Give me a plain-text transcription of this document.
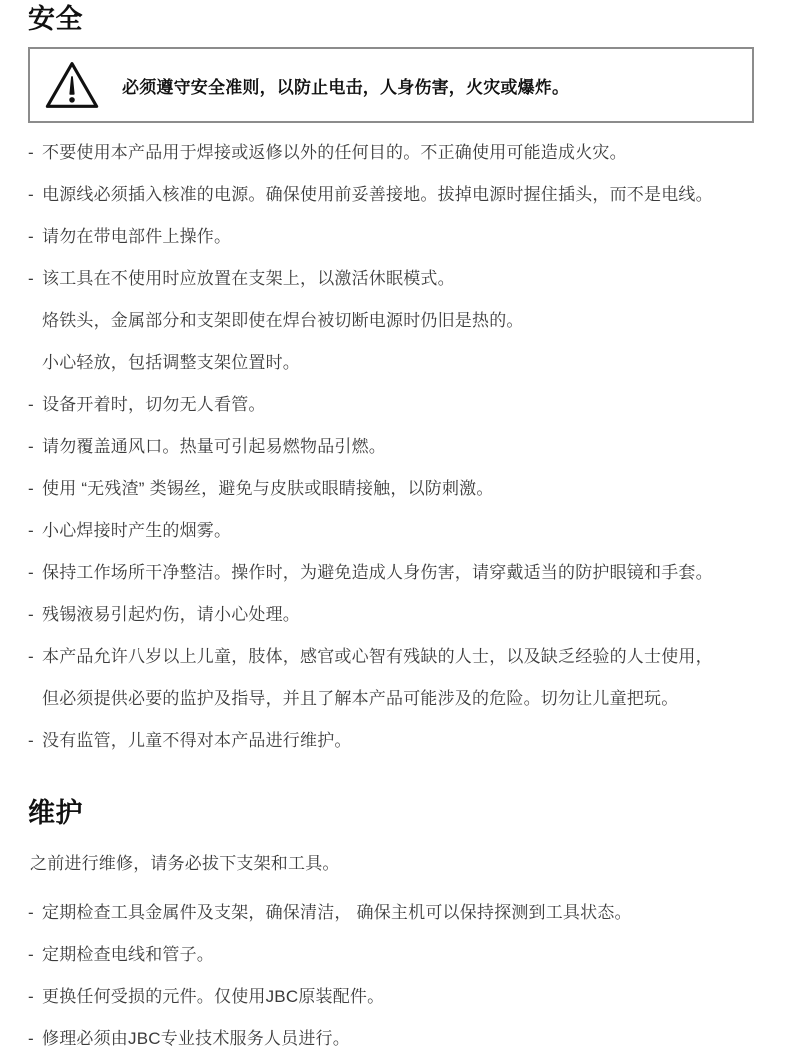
安全
必须遵守安全准则，以防止电击，人身伤害，火灾或爆炸。
- 不要使用本产品用于焊接或返修以外的任何目的。不正确使用可能造成火灾。
- 电源线必须插入核准的电源。确保使用前妥善接地。拔掉电源时握住插头，而不是电线。
- 请勿在带电部件上操作。
- 该工具在不使用时应放置在支架上，以激活休眠模式。
烙铁头，金属部分和支架即使在焊台被切断电源时仍旧是热的。
小心轻放，包括调整支架位置时。
- 设备开着时，切勿无人看管。
- 请勿覆盖通风口。热量可引起易燃物品引燃。
- 使用 “无残渣” 类锡丝，避免与皮肤或眼睛接触，以防刺激。
- 小心焊接时产生的烟雾。
- 保持工作场所干净整洁。操作时，为避免造成人身伤害，请穿戴适当的防护眼镜和手套。
- 残锡液易引起灼伤，请小心处理。
- 本产品允许八岁以上儿童，肢体，感官或心智有残缺的人士，以及缺乏经验的人士使用，
但必须提供必要的监护及指导，并且了解本产品可能涉及的危险。切勿让儿童把玩。
- 没有监管，儿童不得对本产品进行维护。
维护
之前进行维修，请务必拔下支架和工具。
- 定期检查工具金属件及支架，确保清洁， 确保主机可以保持探测到工具状态。
- 定期检查电线和管子。
- 更换任何受损的元件。仅使用JBC原装配件。
- 修理必须由JBC专业技术服务人员进行。
